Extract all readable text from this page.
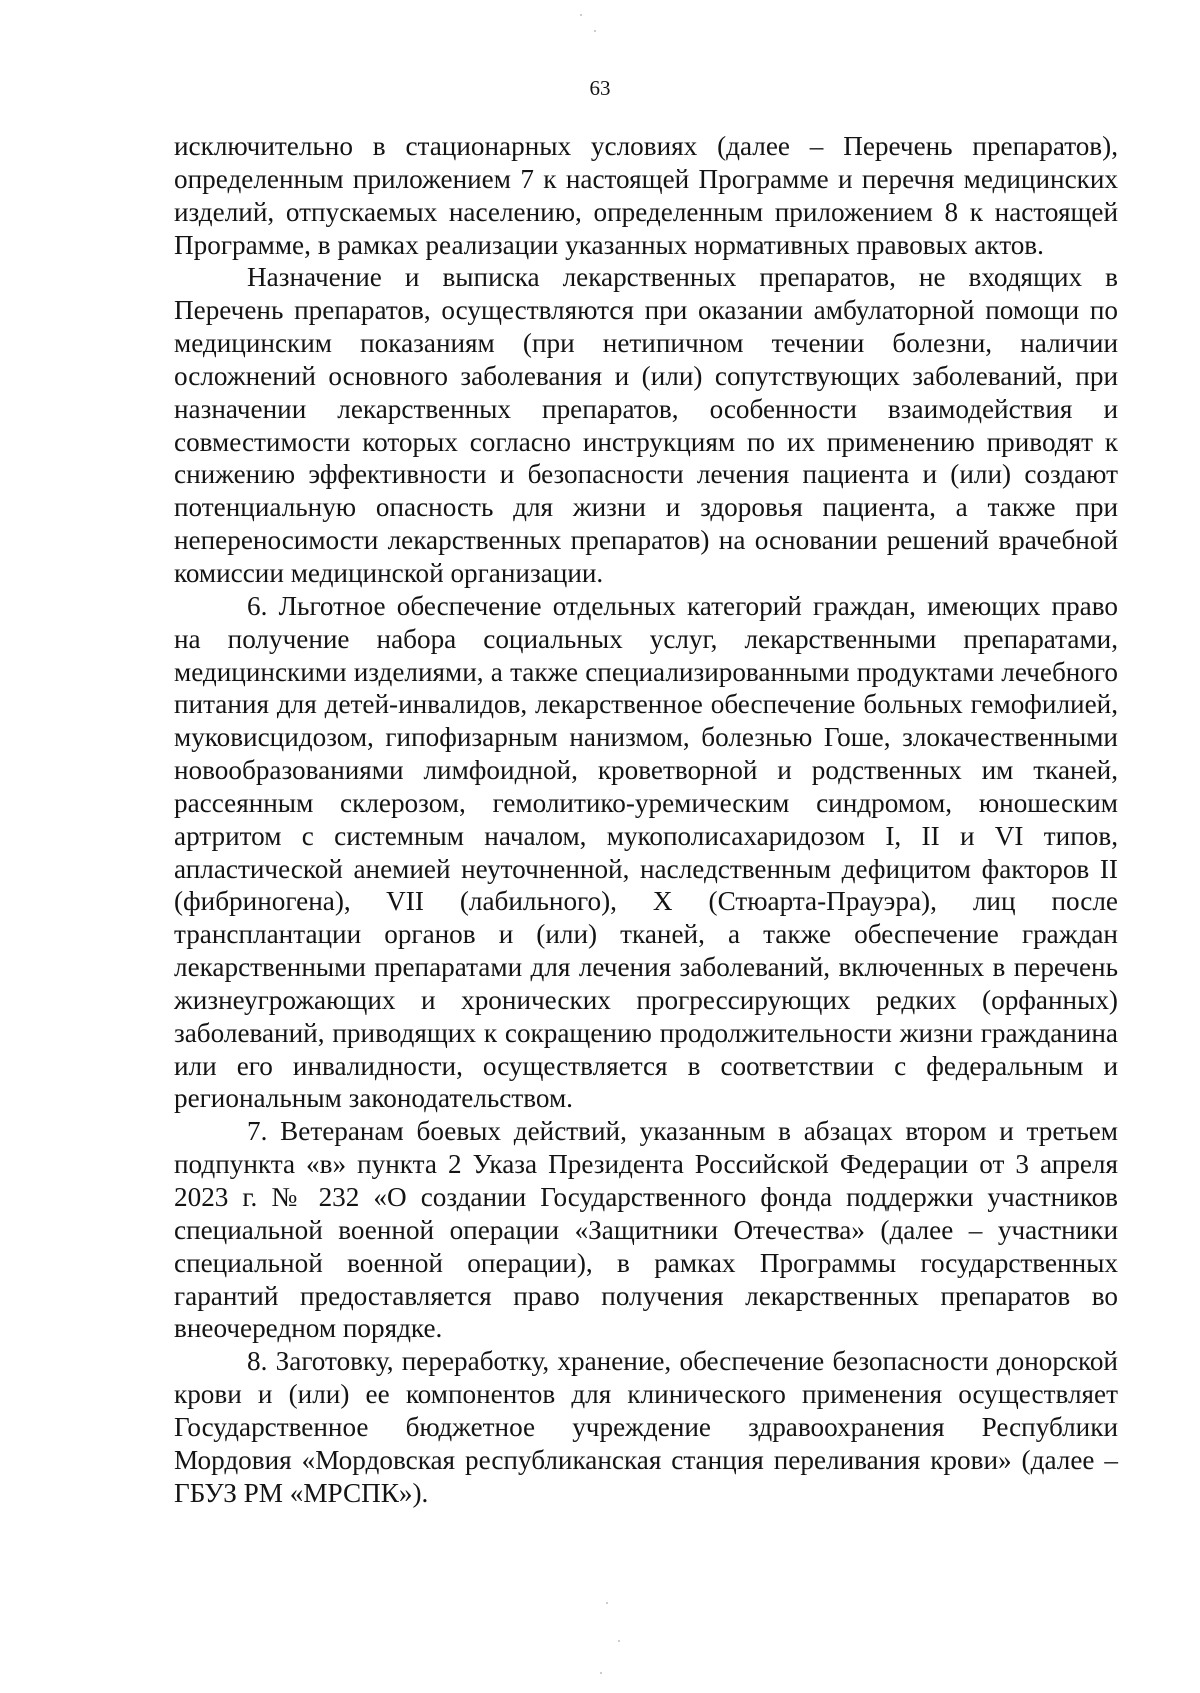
63

исключительно в стационарных условиях (далее – Перечень препаратов), определенным приложением 7 к настоящей Программе и перечня медицинских изделий, отпускаемых населению, определенным приложением 8 к настоящей Программе, в рамках реализации указанных нормативных правовых актов.

Назначение и выписка лекарственных препаратов, не входящих в Перечень препаратов, осуществляются при оказании амбулаторной помощи по медицинским показаниям (при нетипичном течении болезни, наличии осложнений основного заболевания и (или) сопутствующих заболеваний, при назначении лекарственных препаратов, особенности взаимодействия и совместимости которых согласно инструкциям по их применению приводят к снижению эффективности и безопасности лечения пациента и (или) создают потенциальную опасность для жизни и здоровья пациента, а также при непереносимости лекарственных препаратов) на основании решений врачебной комиссии медицинской организации.

6. Льготное обеспечение отдельных категорий граждан, имеющих право на получение набора социальных услуг, лекарственными препаратами, медицинскими изделиями, а также специализированными продуктами лечебного питания для детей-инвалидов, лекарственное обеспечение больных гемофилией, муковисцидозом, гипофизарным нанизмом, болезнью Гоше, злокачественными новообразованиями лимфоидной, кроветворной и родственных им тканей, рассеянным склерозом, гемолитико-уремическим синдромом, юношеским артритом с системным началом, мукополисахаридозом I, II и VI типов, апластической анемией неуточненной, наследственным дефицитом факторов II (фибриногена), VII (лабильного), X (Стюарта-Прауэра), лиц после трансплантации органов и (или) тканей, а также обеспечение граждан лекарственными препаратами для лечения заболеваний, включенных в перечень жизнеугрожающих и хронических прогрессирующих редких (орфанных) заболеваний, приводящих к сокращению продолжительности жизни гражданина или его инвалидности, осуществляется в соответствии с федеральным и региональным законодательством.

7. Ветеранам боевых действий, указанным в абзацах втором и третьем подпункта «в» пункта 2 Указа Президента Российской Федерации от 3 апреля 2023 г. № 232 «О создании Государственного фонда поддержки участников специальной военной операции «Защитники Отечества» (далее – участники специальной военной операции), в рамках Программы государственных гарантий предоставляется право получения лекарственных препаратов во внеочередном порядке.

8. Заготовку, переработку, хранение, обеспечение безопасности донорской крови и (или) ее компонентов для клинического применения осуществляет Государственное бюджетное учреждение здравоохранения Республики Мордовия «Мордовская республиканская станция переливания крови» (далее – ГБУЗ РМ «МРСПК»).
